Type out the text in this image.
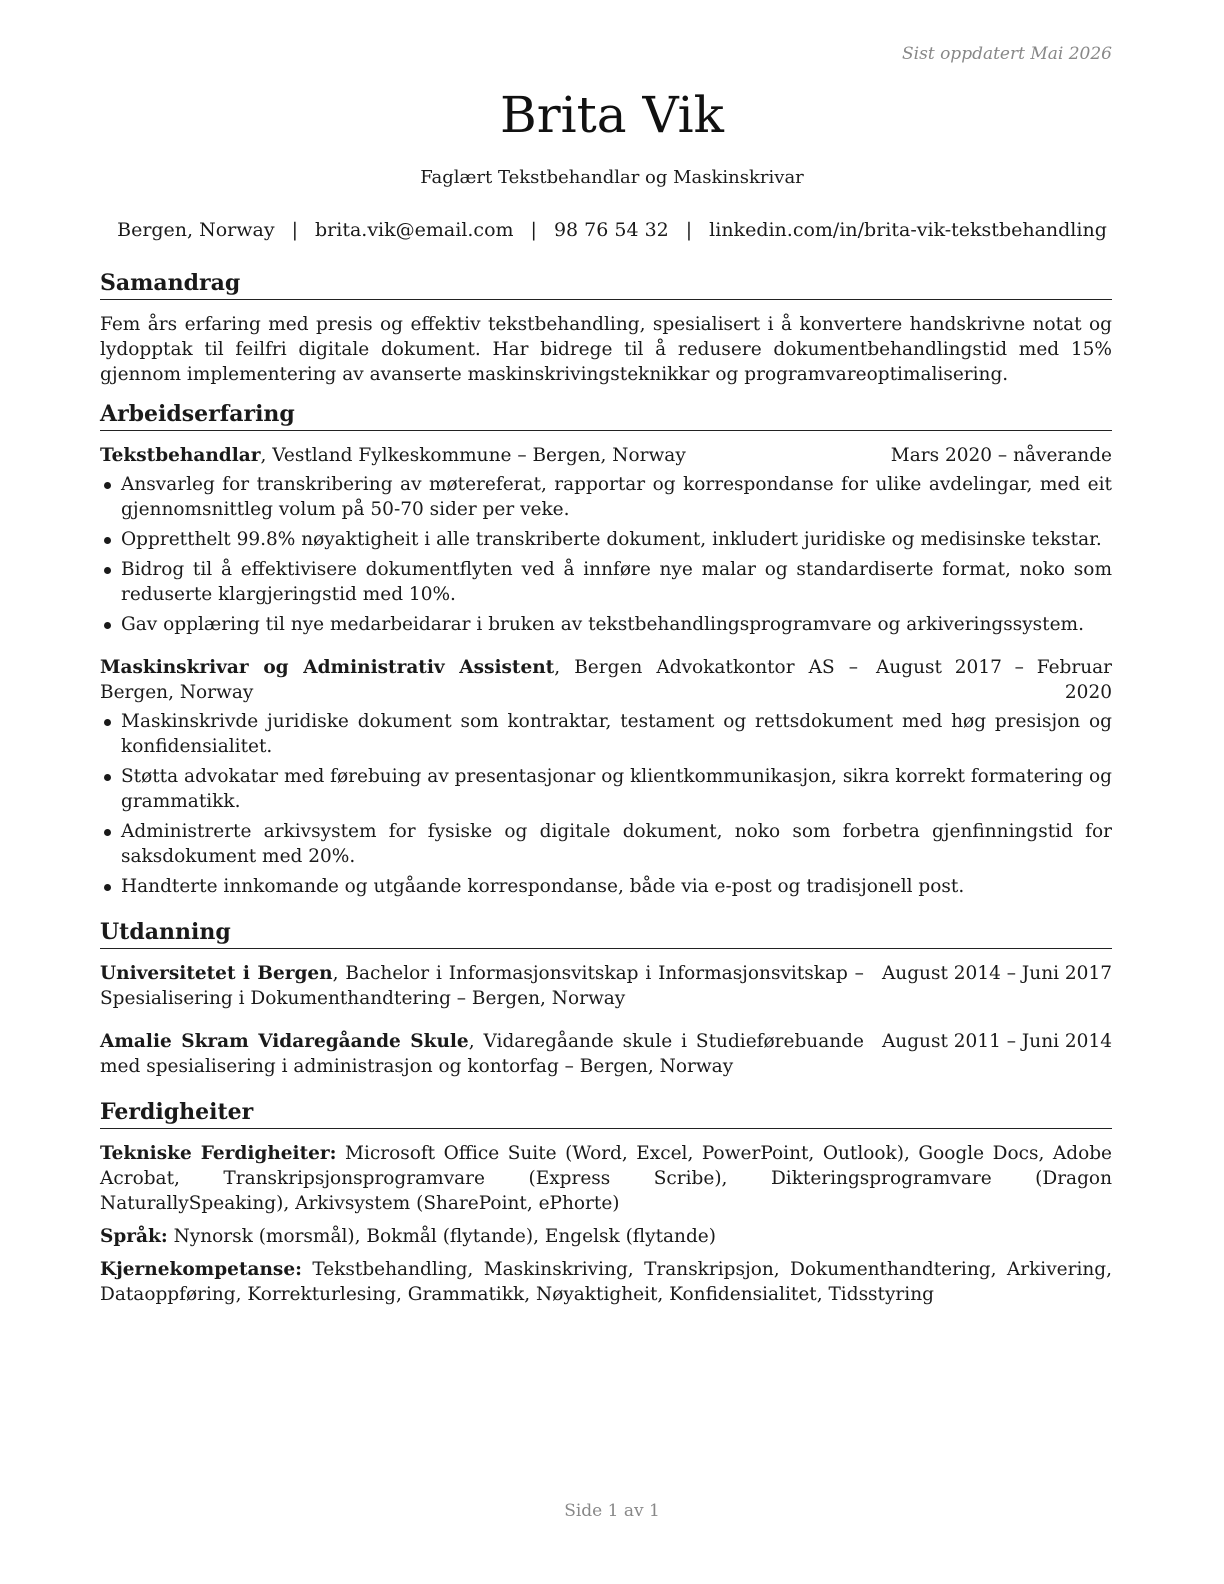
Sist oppdatert Mai 2026
Brita Vik
Faglært Tekstbehandlar og Maskinskrivar
Bergen, Norway | brita.vik@email.com | 98 76 54 32 | linkedin.com/in/brita-vik-tekstbehandling
Samandrag

Fem års erfaring med presis og effektiv tekstbehandling, spesialisert i å konvertere handskrivne notat og lydopptak til feilfri digitale dokument. Har bidrege til å redusere dokumentbehandlingstid med 15% gjennom implementering av avanserte maskinskrivingsteknikkar og programvareoptimalisering.

Arbeidserfaring
Tekstbehandlar, Vestland Fylkeskommune – Bergen, Norway	Mars 2020 – nåverande
Ansvarleg for transkribering av møtereferat, rapportar og korrespondanse for ulike avdelingar, med eit gjennomsnittleg volum på 50-70 sider per veke.
Oppretthelt 99.8% nøyaktigheit i alle transkriberte dokument, inkludert juridiske og medisinske tekstar.
Bidrog til å effektivisere dokumentflyten ved å innføre nye malar og standardiserte format, noko som reduserte klargjeringstid med 10%.
Gav opplæring til nye medarbeidarar i bruken av tekstbehandlingsprogramvare og arkiveringssystem.
Maskinskrivar og Administrativ Assistent, Bergen Advokatkontor AS – Bergen, Norway
August 2017 – Februar 2020
Maskinskrivde juridiske dokument som kontraktar, testament og rettsdokument med høg presisjon og konfidensialitet.
Støtta advokatar med førebuing av presentasjonar og klientkommunikasjon, sikra korrekt formatering og grammatikk.
Administrerte arkivsystem for fysiske og digitale dokument, noko som forbetra gjenfinningstid for saksdokument med 20%.
Handterte innkomande og utgåande korrespondanse, både via e-post og tradisjonell post.
Utdanning
Universitetet i Bergen, Bachelor i Informasjonsvitskap i Informasjonsvitskap – Spesialisering i Dokumenthandtering – Bergen, Norway
August 2014 – Juni 2017
Amalie Skram Vidaregåande Skule, Vidaregåande skule i Studieførebuande med spesialisering i administrasjon og kontorfag – Bergen, Norway
August 2011 – Juni 2014
Ferdigheiter

Tekniske Ferdigheiter: Microsoft Office Suite (Word, Excel, PowerPoint, Outlook), Google Docs, Adobe Acrobat, Transkripsjonsprogramvare (Express Scribe), Dikteringsprogramvare (Dragon NaturallySpeaking), Arkivsystem (SharePoint, ePhorte)

Språk: Nynorsk (morsmål), Bokmål (flytande), Engelsk (flytande)

Kjernekompetanse: Tekstbehandling, Maskinskriving, Transkripsjon, Dokumenthandtering, Arkivering, Dataoppføring, Korrekturlesing, Grammatikk, Nøyaktigheit, Konfidensialitet, Tidsstyring

Side 1 av 1
